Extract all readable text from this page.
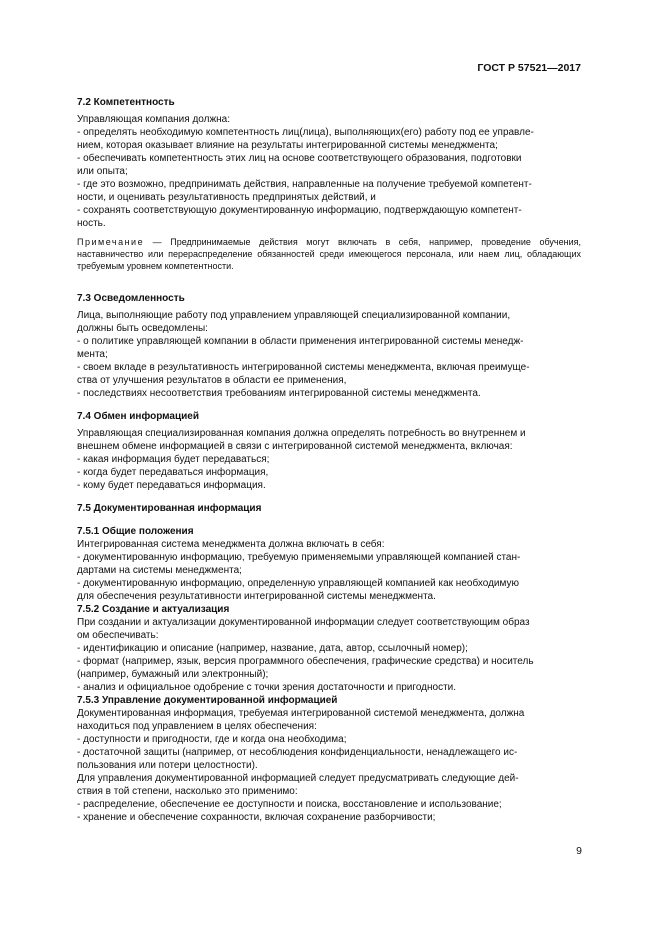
ГОСТ Р 57521—2017
7.2 Компетентность
Управляющая компания должна:
- определять необходимую компетентность лиц(лица), выполняющих(его) работу под ее управле-
нием, которая оказывает влияние на результаты интегрированной системы менеджмента;
- обеспечивать компетентность этих лиц на основе соответствующего образования, подготовки
или опыта;
- где это возможно, предпринимать действия, направленные на получение требуемой компетент-
ности, и оценивать результативность предпринятых действий, и
- сохранять соответствующую документированную информацию, подтверждающую компетент-
ность.
Примечание — Предпринимаемые действия могут включать в себя, например, проведение обучения, наставничество или перераспределение обязанностей среди имеющегося персонала, или наем лиц, обладающих требуемым уровнем компетентности.
7.3 Осведомленность
Лица, выполняющие работу под управлением управляющей специализированной компании,
должны быть осведомлены:
- о политике управляющей компании в области применения интегрированной системы менедж-
мента;
- своем вкладе в результативность интегрированной системы менеджмента, включая преимуще-
ства от улучшения результатов в области ее применения,
- последствиях несоответствия требованиям интегрированной системы менеджмента.
7.4 Обмен информацией
Управляющая специализированная компания должна определять потребность во внутреннем и
внешнем обмене информацией в связи с интегрированной системой менеджмента, включая:
- какая информация будет передаваться;
- когда будет передаваться информация,
- кому будет передаваться информация.
7.5 Документированная информация
7.5.1 Общие положения
Интегрированная система менеджмента должна включать в себя:
- документированную информацию, требуемую применяемыми управляющей компанией стан-
дартами на системы менеджмента;
- документированную информацию, определенную управляющей компанией как необходимую
для обеспечения результативности интегрированной системы менеджмента.
7.5.2 Создание и актуализация
При создании и актуализации документированной информации следует соответствующим образ
ом обеспечивать:
- идентификацию и описание (например, название, дата, автор, ссылочный номер);
- формат (например, язык, версия программного обеспечения, графические средства) и носитель
(например, бумажный или электронный);
- анализ и официальное одобрение с точки зрения достаточности и пригодности.
7.5.3 Управление документированной информацией
Документированная информация, требуемая интегрированной системой менеджмента, должна
находиться под управлением в целях обеспечения:
- доступности и пригодности, где и когда она необходима;
- достаточной защиты (например, от несоблюдения конфиденциальности, ненадлежащего ис-
пользования или потери целостности).
Для управления документированной информацией следует предусматривать следующие дей-
ствия в той степени, насколько это применимо:
- распределение, обеспечение ее доступности и поиска, восстановление и использование;
- хранение и обеспечение сохранности, включая сохранение разборчивости;
9
